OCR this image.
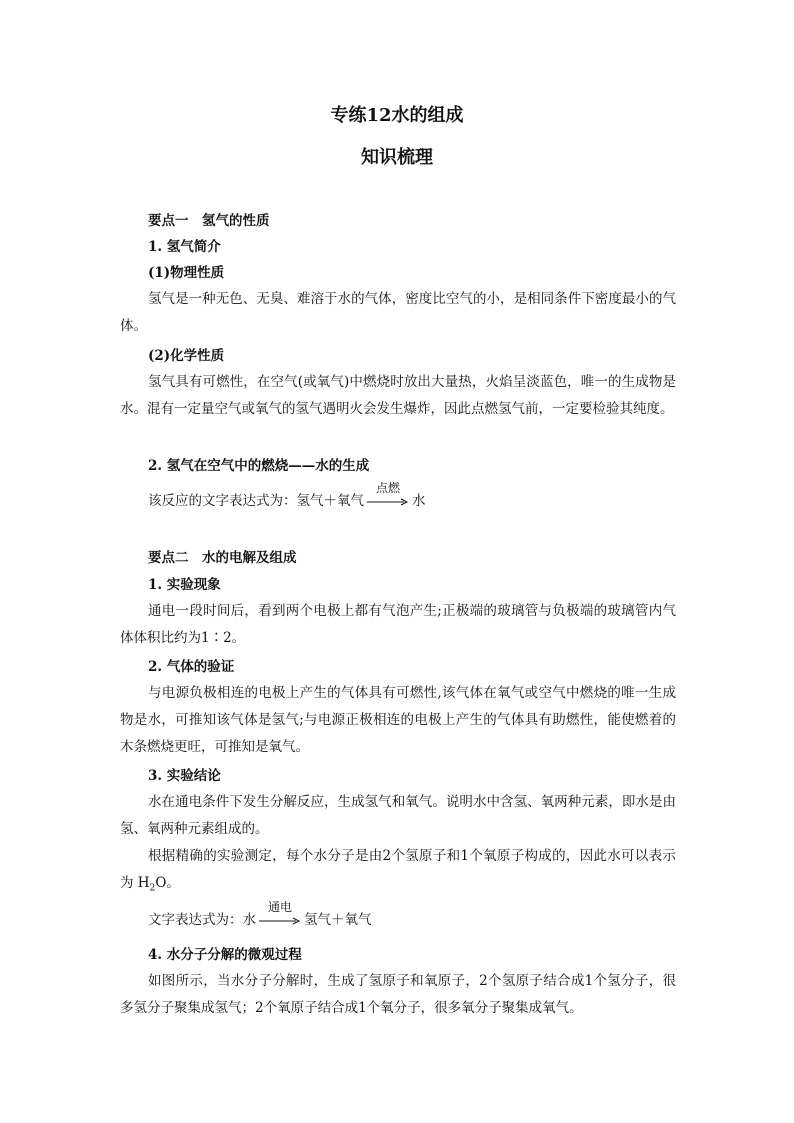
专练12水的组成
知识梳理
要点一　氢气的性质
1. 氢气简介
(1)物理性质
氢气是一种无色、无臭、难溶于水的气体，密度比空气的小，是相同条件下密度最小的气体。
(2)化学性质
氢气具有可燃性，在空气(或氧气)中燃烧时放出大量热，火焰呈淡蓝色，唯一的生成物是水。混有一定量空气或氧气的氢气遇明火会发生爆炸，因此点燃氢气前，一定要检验其纯度。
2. 氢气在空气中的燃烧——水的生成
该反应的文字表达式为：氢气＋氧气
点燃
水
要点二　水的电解及组成
1. 实验现象
通电一段时间后，看到两个电极上都有气泡产生;正极端的玻璃管与负极端的玻璃管内气体体积比约为1∶2。
2. 气体的验证
与电源负极相连的电极上产生的气体具有可燃性,该气体在氧气或空气中燃烧的唯一生成物是水，可推知该气体是氢气;与电源正极相连的电极上产生的气体具有助燃性，能使燃着的木条燃烧更旺，可推知是氧气。
3. 实验结论
水在通电条件下发生分解反应，生成氢气和氧气。说明水中含氢、氧两种元素，即水是由氢、氧两种元素组成的。
根据精确的实验测定，每个水分子是由2个氢原子和1个氧原子构成的，因此水可以表示为 $H_2O$。
文字表达式为：水
通电
氢气＋氧气
4. 水分子分解的微观过程
如图所示，当水分子分解时，生成了氢原子和氧原子，2个氢原子结合成1个氢分子，很多氢分子聚集成氢气；2个氧原子结合成1个氧分子，很多氧分子聚集成氧气。
